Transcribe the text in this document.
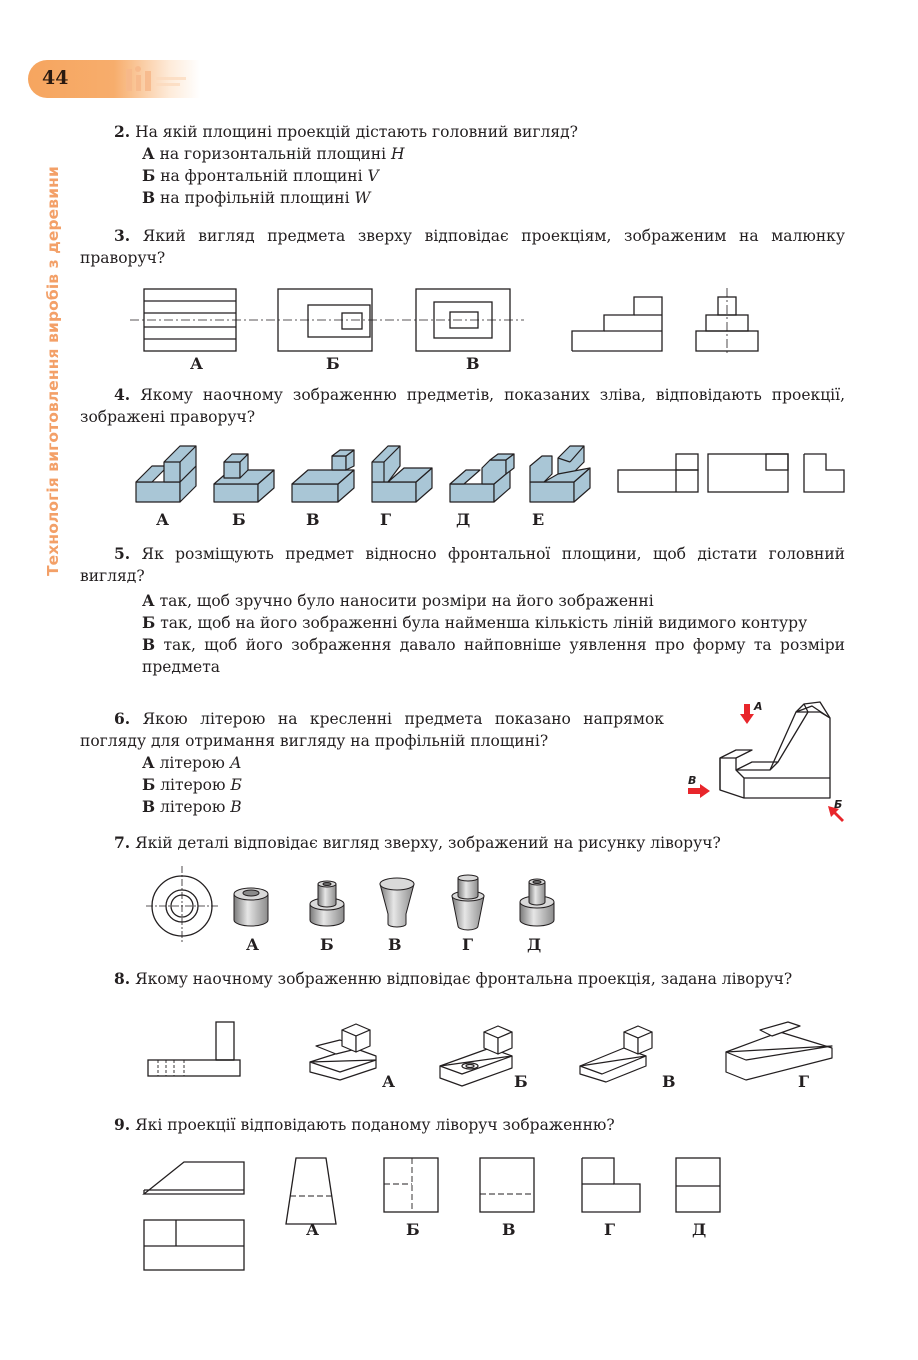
44
Технологія виготовлення виробів з деревини

2. На якій площині проекцій дістають головний вигляд?

А на горизонтальній площині H
Б на фронтальній площині V
В на профільній площині W

3. Який вигляд предмета зверху відповідає проекціям, зображеним на малюнку праворуч?

А	Б	В

4. Якому наочному зображенню предметів, показаних зліва, відповідають проекції, зображені праворуч?

А	Б	В	Г	Д	Е

5. Як розміщують предмет відносно фронтальної площини, щоб дістати головний вигляд?

А так, щоб зручно було наносити розміри на його зображенні

Б так, щоб на його зображенні була найменша кількість ліній видимого контуру

В так, щоб його зображення давало найповніше уявлення про форму та розміри предмета

6. Якою літерою на кресленні предмета показано напрямок погляду для отримання вигляду на профільній площині?

А літерою А
Б літерою Б
В літерою В
A
B
Б

7. Якій деталі відповідає вигляд зверху, зображений на рисунку ліворуч?

А	Б	В	Г	Д

8. Якому наочному зображенню відповідає фронтальна проекція, задана ліворуч?

А	Б	В	Г

9. Які проекції відповідають поданому ліворуч зображенню?

А	Б	В	Г	Д
